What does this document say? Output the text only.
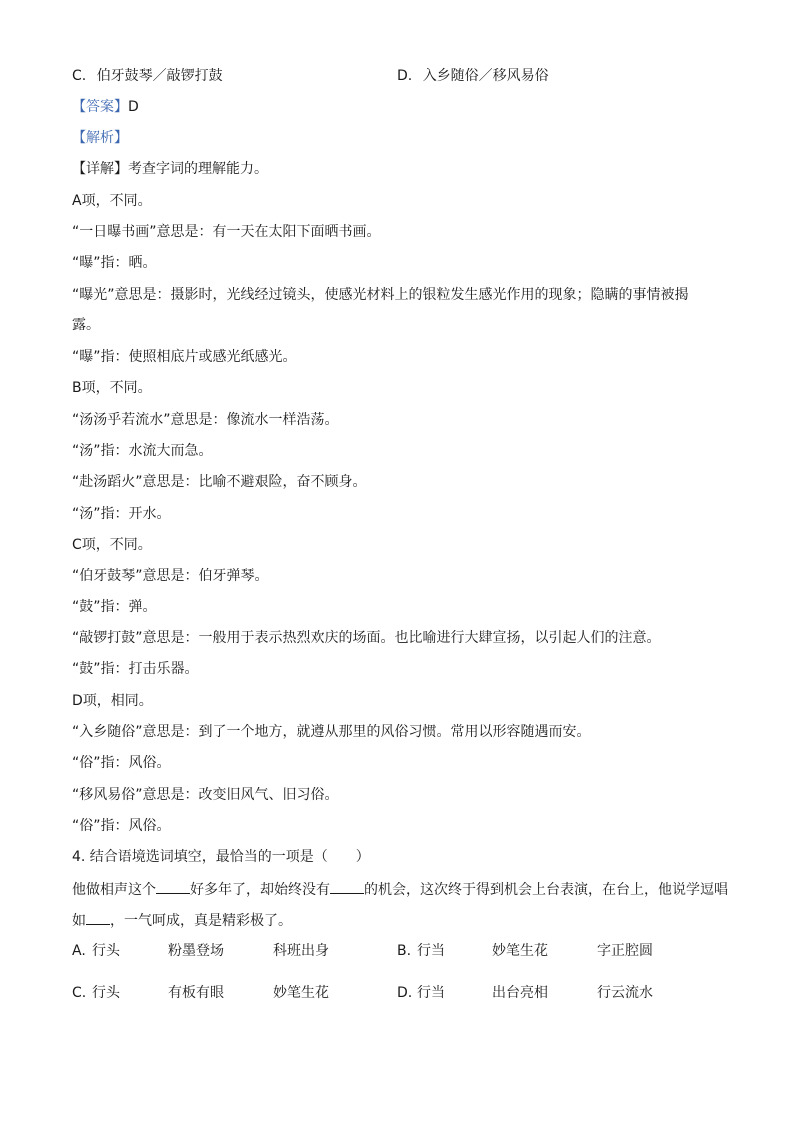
C. 伯牙鼓琴／敲锣打鼓	D. 入乡随俗／移风易俗
【答案】D
【解析】
【详解】考查字词的理解能力。
A项，不同。
“一日曝书画”意思是：有一天在太阳下面晒书画。
“曝”指：晒。
“曝光”意思是：摄影时，光线经过镜头，使感光材料上的银粒发生感光作用的现象；隐瞒的事情被揭
露。
“曝”指：使照相底片或感光纸感光。
B项，不同。
“汤汤乎若流水”意思是：像流水一样浩荡。
“汤”指：水流大而急。
“赴汤蹈火”意思是：比喻不避艰险，奋不顾身。
“汤”指：开水。
C项，不同。
“伯牙鼓琴”意思是：伯牙弹琴。
“鼓”指：弹。
“敲锣打鼓”意思是：一般用于表示热烈欢庆的场面。也比喻进行大肆宣扬，以引起人们的注意。
“鼓”指：打击乐器。
D项，相同。
“入乡随俗”意思是：到了一个地方，就遵从那里的风俗习惯。常用以形容随遇而安。
“俗”指：风俗。
“移风易俗”意思是：改变旧风气、旧习俗。
“俗”指：风俗。
4. 结合语境选词填空，最恰当的一项是（　　）
他做相声这个 好多年了，却始终没有 的机会，这次终于得到机会上台表演，在台上，他说学逗唱
如 ，一气呵成，真是精彩极了。
A. 行头	粉墨登场	科班出身	B. 行当	妙笔生花	字正腔圆
C. 行头	有板有眼	妙笔生花	D. 行当	出台亮相	行云流水
